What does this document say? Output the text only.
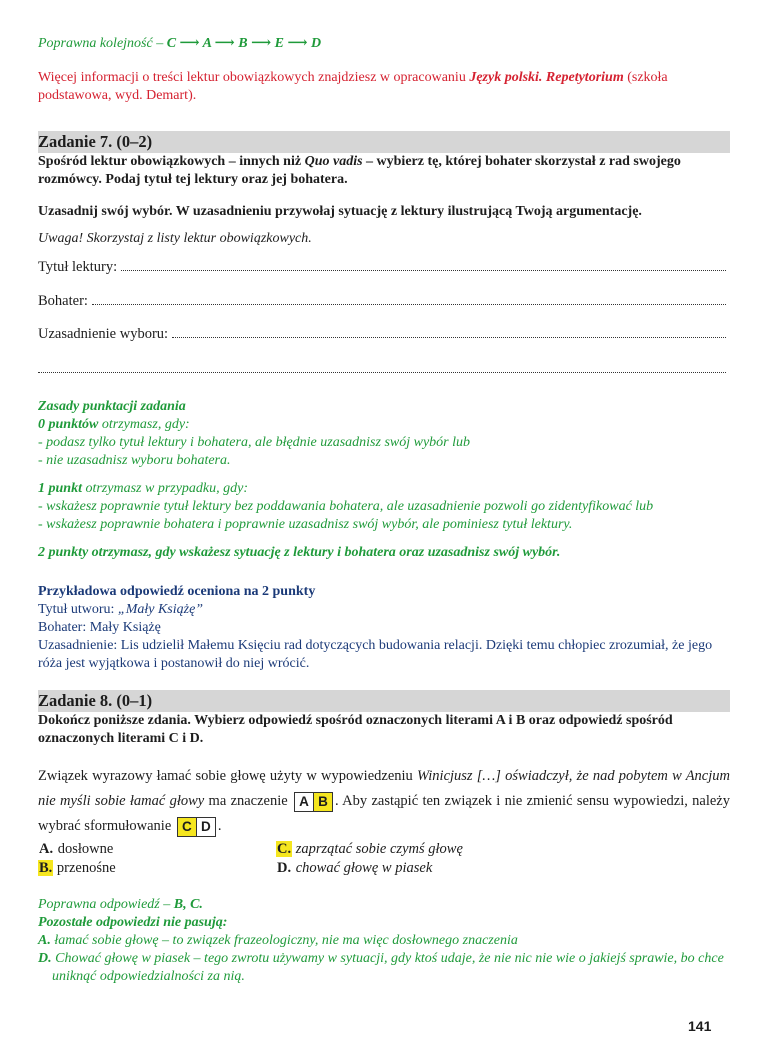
Poprawna kolejność – C ⟶ A ⟶ B ⟶ E ⟶ D

Więcej informacji o treści lektur obowiązkowych znajdziesz w opracowaniu Język polski. Repetytorium (szkoła podstawowa, wyd. Demart).

Zadanie 7. (0–2)

Spośród lektur obowiązkowych – innych niż Quo vadis – wybierz tę, której bohater skorzystał z rad swojego rozmówcy. Podaj tytuł tej lektury oraz jej bohatera.

Uzasadnij swój wybór. W uzasadnieniu przywołaj sytuację z lektury ilustrującą Twoją argumentację.

Uwaga! Skorzystaj z listy lektur obowiązkowych.

Tytuł lektury:
Bohater:
Uzasadnienie wyboru:

Zasady punktacji zadania

0 punktów otrzymasz, gdy:

- podasz tylko tytuł lektury i bohatera, ale błędnie uzasadnisz swój wybór lub

- nie uzasadnisz wyboru bohatera.

1 punkt otrzymasz w przypadku, gdy:

- wskażesz poprawnie tytuł lektury bez poddawania bohatera, ale uzasadnienie pozwoli go zidentyfikować lub

- wskażesz poprawnie bohatera i poprawnie uzasadnisz swój wybór, ale pominiesz tytuł lektury.

2 punkty otrzymasz, gdy wskażesz sytuację z lektury i bohatera oraz uzasadnisz swój wybór.

Przykładowa odpowiedź oceniona na 2 punkty

Tytuł utworu: „Mały Książę”

Bohater: Mały Książę

Uzasadnienie: Lis udzielił Małemu Księciu rad dotyczących budowania relacji. Dzięki temu chłopiec zrozumiał, że jego róża jest wyjątkowa i postanowił do niej wrócić.

Zadanie 8. (0–1)

Dokończ poniższe zdania. Wybierz odpowiedź spośród oznaczonych literami A i B oraz odpowiedź spośród oznaczonych literami C i D.

Związek wyrazowy łamać sobie głowę użyty w wypowiedzeniu Winicjusz […] oświadczył, że nad pobytem w Ancjum nie myśli sobie łamać głowy ma znaczenie A B . Aby zastąpić ten związek i nie zmienić sensu wypowiedzi, należy wybrać sformułowanie C D .

A. dosłowne	C. zaprzątać sobie czymś głowę
B. przenośne	D. chować głowę w piasek

Poprawna odpowiedź – B, C.

Pozostałe odpowiedzi nie pasują:

A. łamać sobie głowę – to związek frazeologiczny, nie ma więc dosłownego znaczenia

D. Chować głowę w piasek – tego zwrotu używamy w sytuacji, gdy ktoś udaje, że nie nic nie wie o jakiejś sprawie, bo chce uniknąć odpowiedzialności za nią.

141
